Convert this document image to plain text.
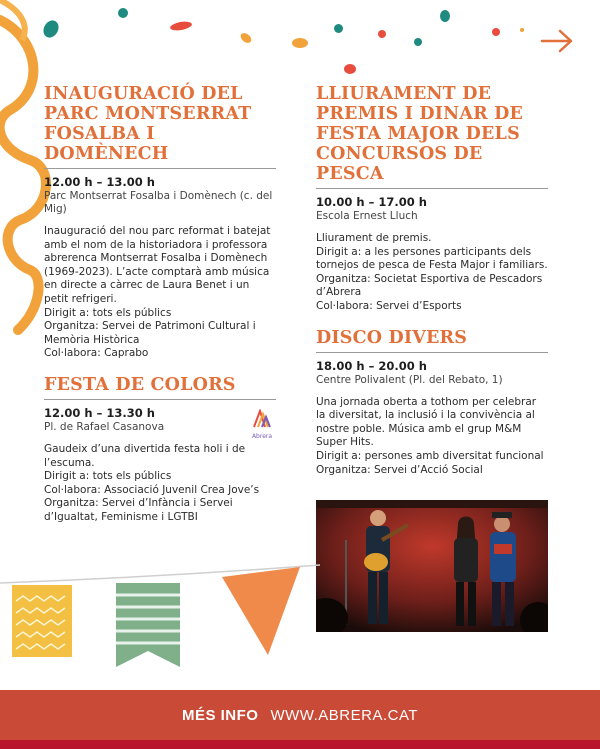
INAUGURACIÓ DEL PARC MONTSERRAT FOSALBA I DOMÈNECH
12.00 h – 13.00 h
Parc Montserrat Fosalba i Domènech (c. del Mig)

Inauguració del nou parc reformat i batejat amb el nom de la historiadora i professora abrerenca Montserrat Fosalba i Domènech (1969-2023). L’acte comptarà amb música en directe a càrrec de Laura Benet i un petit refrigeri.

Dirigit a: tots els públics

Organitza: Servei de Patrimoni Cultural i Memòria Històrica

Col·labora: Caprabo

FESTA DE COLORS
12.00 h – 13.30 h
Pl. de Rafael Casanova
Abrera

Gaudeix d’una divertida festa holi i de l’escuma.

Dirigit a: tots els públics

Col·labora: Associació Juvenil Crea Jove’s

Organitza: Servei d’Infància i Servei d’Igualtat, Feminisme i LGTBI

LLIURAMENT DE PREMIS I DINAR DE FESTA MAJOR DELS CONCURSOS DE PESCA
10.00 h – 17.00 h
Escola Ernest Lluch

Lliurament de premis.

Dirigit a: a les persones participants dels tornejos de pesca de Festa Major i familiars.

Organitza: Societat Esportiva de Pescadors d’Abrera

Col·labora: Servei d’Esports

DISCO DIVERS
18.00 h – 20.00 h
Centre Polivalent (Pl. del Rebato, 1)

Una jornada oberta a tothom per celebrar la diversitat, la inclusió i la convivència al nostre poble. Música amb el grup M&M Super Hits.

Dirigit a: persones amb diversitat funcional

Organitza: Servei d’Acció Social

MÉS INFO WWW.ABRERA.CAT
